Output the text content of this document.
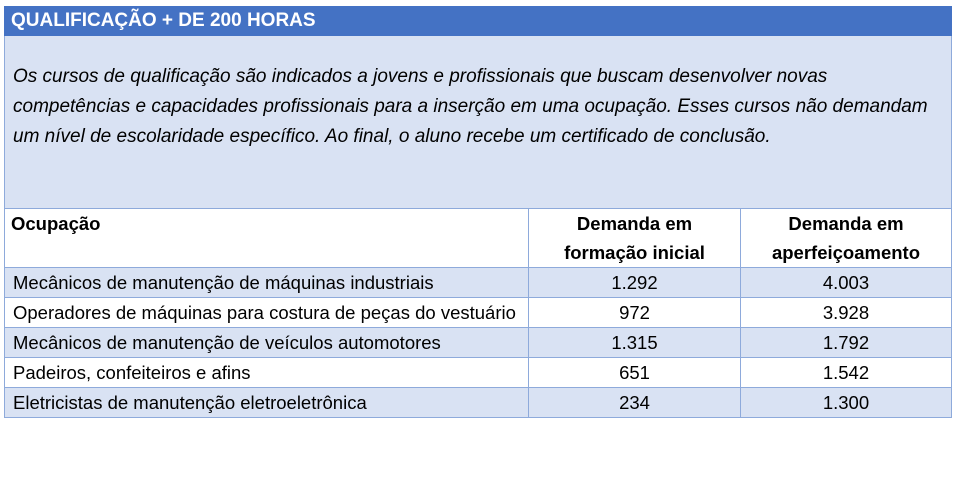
QUALIFICAÇÃO + DE 200 HORAS		
Os cursos de qualificação são indicados a jovens e profissionais que buscam desenvolver novas competências e capacidades profissionais para a inserção em uma ocupação. Esses cursos não demandam um nível de escolaridade específico. Ao final, o aluno recebe um certificado de conclusão.		
Ocupação	Demanda em formação inicial	Demanda em aperfeiçoamento
Mecânicos de manutenção de máquinas industriais	1.292	4.003
Operadores de máquinas para costura de peças do vestuário	972	3.928
Mecânicos de manutenção de veículos automotores	1.315	1.792
Padeiros, confeiteiros e afins	651	1.542
Eletricistas de manutenção eletroeletrônica	234	1.300
